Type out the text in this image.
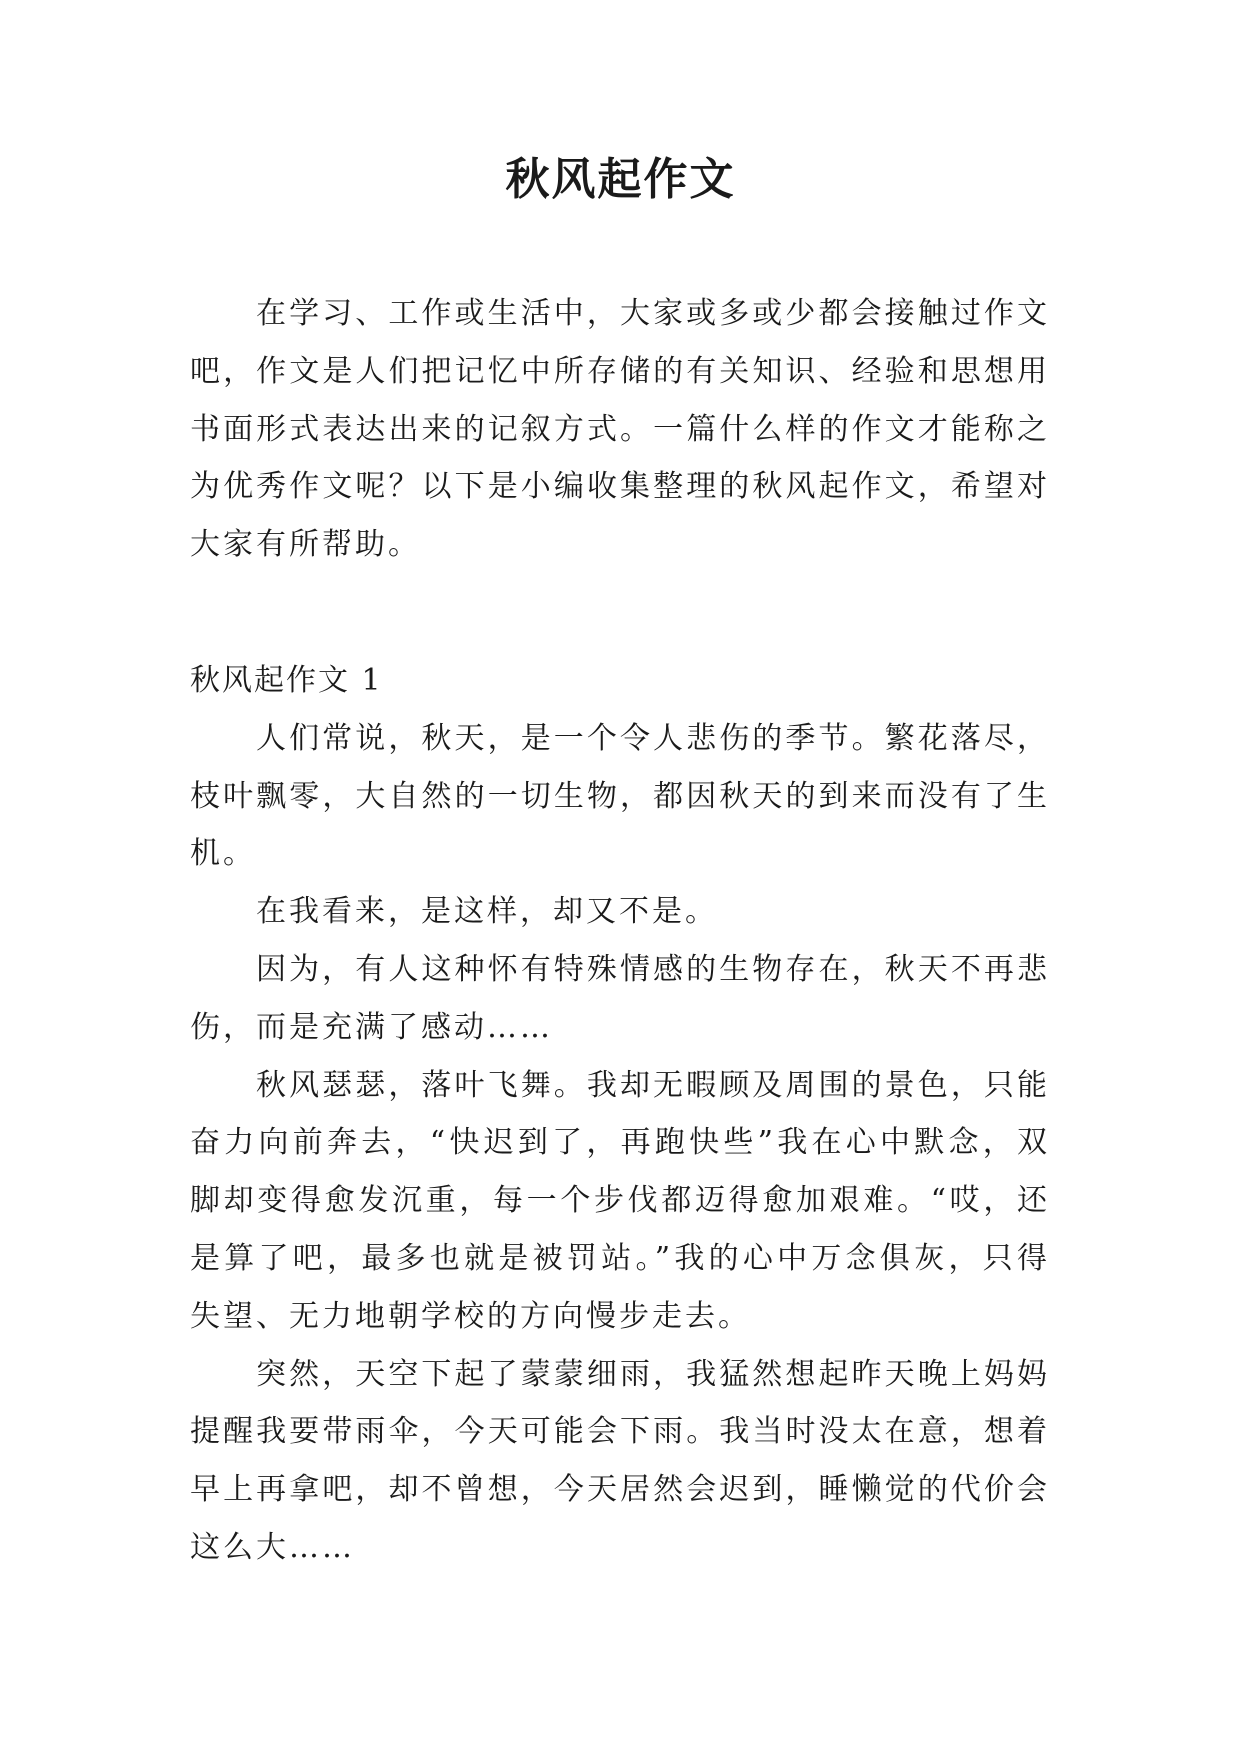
秋风起作文

在学习、工作或生活中，大家或多或少都会接触过作文吧，作文是人们把记忆中所存储的有关知识、经验和思想用书面形式表达出来的记叙方式。一篇什么样的作文才能称之为优秀作文呢？以下是小编收集整理的秋风起作文，希望对大家有所帮助。

秋风起作文 1

人们常说，秋天，是一个令人悲伤的季节。繁花落尽，枝叶飘零，大自然的一切生物，都因秋天的到来而没有了生机。

在我看来，是这样，却又不是。

因为，有人这种怀有特殊情感的生物存在，秋天不再悲伤，而是充满了感动……

秋风瑟瑟，落叶飞舞。我却无暇顾及周围的景色，只能奋力向前奔去，“快迟到了，再跑快些”我在心中默念，双脚却变得愈发沉重，每一个步伐都迈得愈加艰难。“哎，还是算了吧，最多也就是被罚站。”我的心中万念俱灰，只得失望、无力地朝学校的方向慢步走去。

突然，天空下起了蒙蒙细雨，我猛然想起昨天晚上妈妈提醒我要带雨伞，今天可能会下雨。我当时没太在意，想着早上再拿吧，却不曾想，今天居然会迟到，睡懒觉的代价会这么大……
